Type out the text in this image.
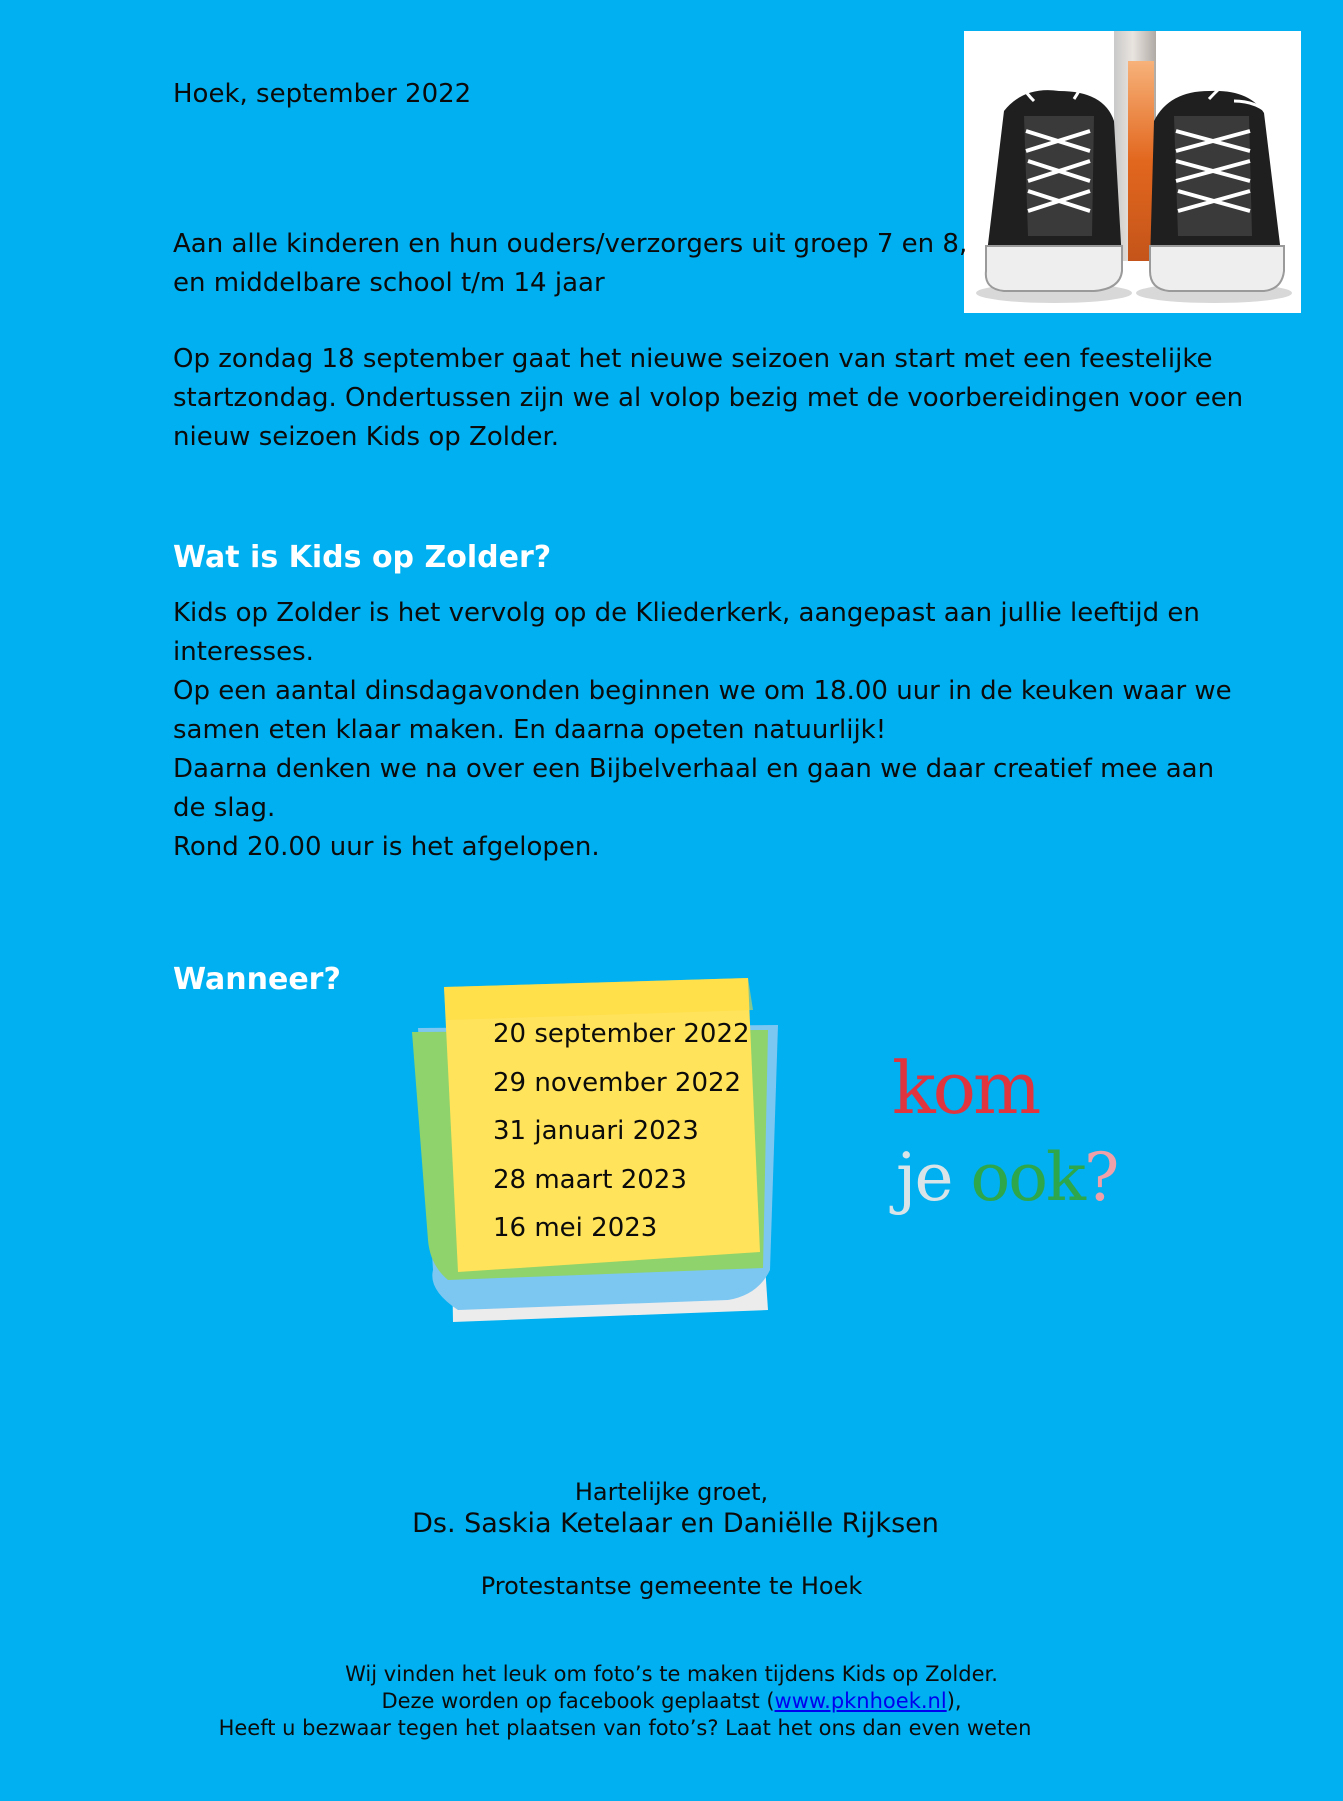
Hoek, september 2022

Aan alle kinderen en hun ouders/verzorgers uit groep 7 en 8,

en middelbare school t/m 14 jaar

Op zondag 18 september gaat het nieuwe seizoen van start met een feestelijke

startzondag. Ondertussen zijn we al volop bezig met de voorbereidingen voor een

nieuw seizoen Kids op Zolder.

Wat is Kids op Zolder?

Kids op Zolder is het vervolg op de Kliederkerk, aangepast aan jullie leeftijd en

interesses.

Op een aantal dinsdagavonden beginnen we om 18.00 uur in de keuken waar we

samen eten klaar maken. En daarna opeten natuurlijk!

Daarna denken we na over een Bijbelverhaal en gaan we daar creatief mee aan

de slag.

Rond 20.00 uur is het afgelopen.

Wanneer?

20 september 2022
29 november 2022
31 januari 2023
28 maart 2023
16 mei 2023
kom
je ook?

Hartelijke groet,

Ds. Saskia Ketelaar en Daniëlle Rijksen

Protestantse gemeente te Hoek

Wij vinden het leuk om foto’s te maken tijdens Kids op Zolder.

Deze worden op facebook geplaatst (www.pknhoek.nl),

Heeft u bezwaar tegen het plaatsen van foto’s? Laat het ons dan even weten
